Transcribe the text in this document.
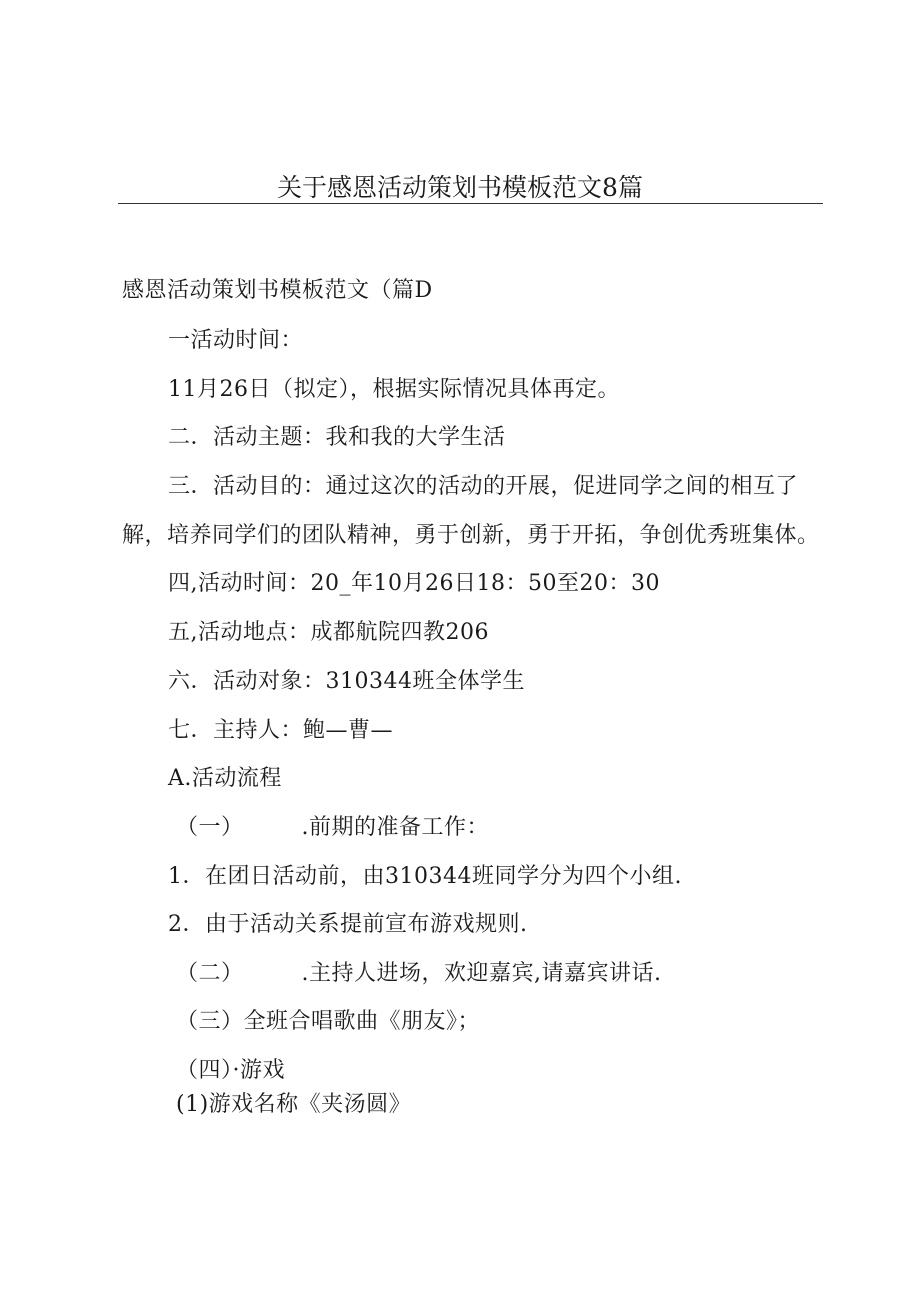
关于感恩活动策划书模板范文8篇
感恩活动策划书模板范文（篇D
一活动时间：
11月26日（拟定），根据实际情况具体再定。
二．活动主题：我和我的大学生活
三．活动目的：通过这次的活动的开展，促进同学之间的相互了
解，培养同学们的团队精神，勇于创新，勇于开拓，争创优秀班集体。
四,活动时间：20_年10月26日18：50至20：30
五,活动地点：成都航院四教206
六．活动对象：310344班全体学生
七．主持人：鲍—曹—
A.活动流程
（一）	.前期的准备工作：
1．在团日活动前，由310344班同学分为四个小组.
2．由于活动关系提前宣布游戏规则.
（二）	.主持人进场，欢迎嘉宾,请嘉宾讲话.
（三）全班合唱歌曲《朋友》；
（四）·游戏
(1)游戏名称《夹汤圆》
